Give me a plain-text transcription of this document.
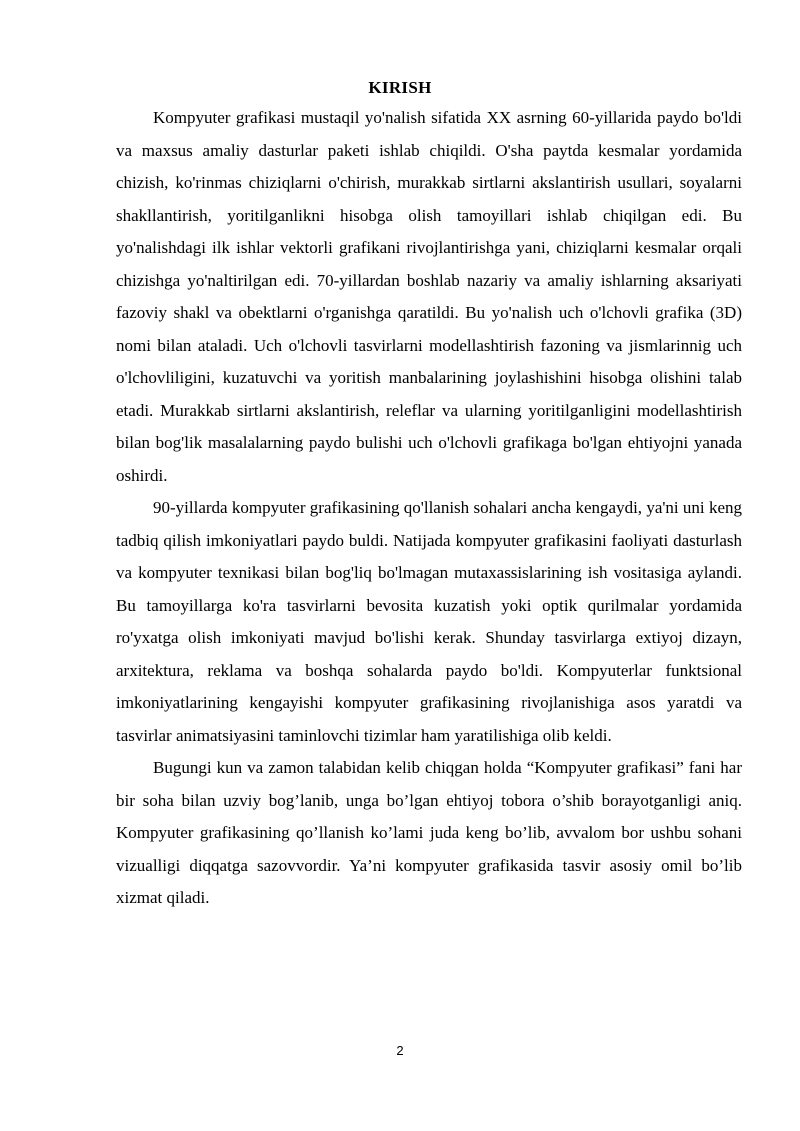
KIRISH

Kompyuter grafikasi mustaqil yo'nalish sifatida XX asrning 60-yillarida paydo bo'ldi va maxsus amaliy dasturlar paketi ishlab chiqildi. O'sha paytda kesmalar yordamida chizish, ko'rinmas chiziqlarni o'chirish, murakkab sirtlarni akslantirish usullari, soyalarni shakllantirish, yoritilganlikni hisobga olish tamoyillari ishlab chiqilgan edi. Bu yo'nalishdagi ilk ishlar vektorli grafikani rivojlantirishga yani, chiziqlarni kesmalar orqali chizishga yo'naltirilgan edi. 70-yillardan boshlab nazariy va amaliy ishlarning aksariyati fazoviy shakl va obektlarni o'rganishga qaratildi. Bu yo'nalish uch o'lchovli grafika (3D) nomi bilan ataladi. Uch o'lchovli tasvirlarni modellashtirish fazoning va jismlarinnig uch o'lchovliligini, kuzatuvchi va yoritish manbalarining joylashishini hisobga olishini talab etadi. Murakkab sirtlarni akslantirish, releflar va ularning yoritilganligini modellashtirish bilan bog'lik masalalarning paydo bulishi uch o'lchovli grafikaga bo'lgan ehtiyojni yanada oshirdi.

90-yillarda kompyuter grafikasining qo'llanish sohalari ancha kengaydi, ya'ni uni keng tadbiq qilish imkoniyatlari paydo buldi. Natijada kompyuter grafikasini faoliyati dasturlash va kompyuter texnikasi bilan bog'liq bo'lmagan mutaxassislarining ish vositasiga aylandi. Bu tamoyillarga ko'ra tasvirlarni bevosita kuzatish yoki optik qurilmalar yordamida ro'yxatga olish imkoniyati mavjud bo'lishi kerak. Shunday tasvirlarga extiyoj dizayn, arxitektura, reklama va boshqa sohalarda paydo bo'ldi. Kompyuterlar funktsional imkoniyatlarining kengayishi kompyuter grafikasining rivojlanishiga asos yaratdi va tasvirlar animatsiyasini taminlovchi tizimlar ham yaratilishiga olib keldi.

Bugungi kun va zamon talabidan kelib chiqgan holda “Kompyuter grafikasi” fani har bir soha bilan uzviy bog’lanib, unga bo’lgan ehtiyoj tobora o’shib borayotganligi aniq. Kompyuter grafikasining qo’llanish ko’lami juda keng bo’lib, avvalom bor ushbu sohani vizualligi diqqatga sazovvordir. Ya’ni kompyuter grafikasida tasvir asosiy omil bo’lib xizmat qiladi.

2
